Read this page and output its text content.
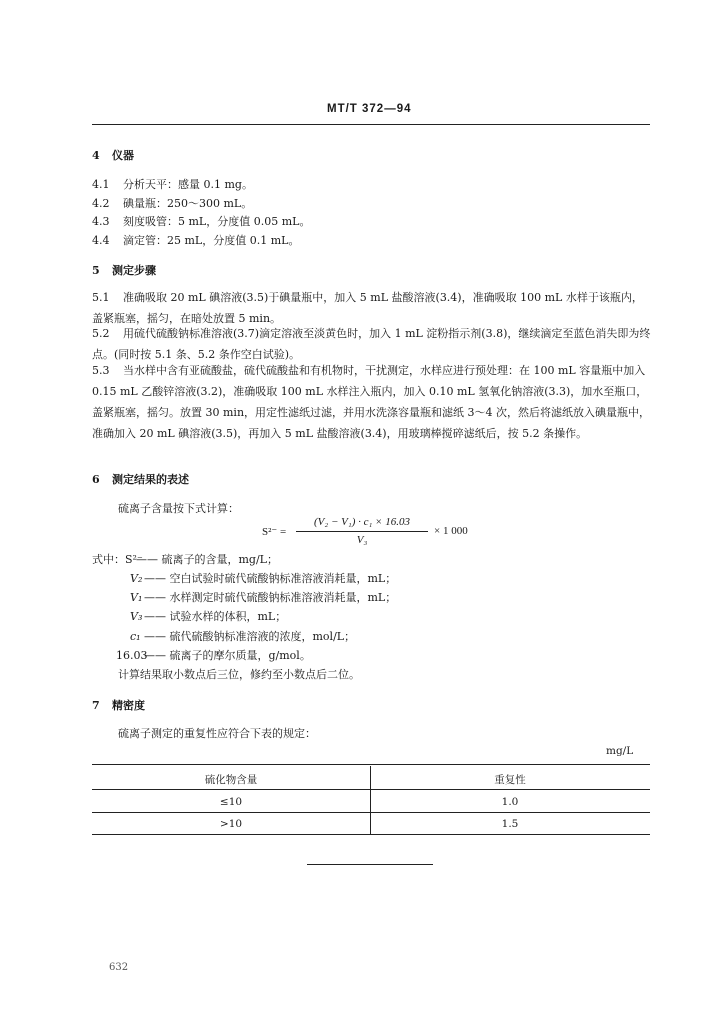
MT/T 372—94
4 仪器
4.1 分析天平：感量 0.1 mg。
4.2 碘量瓶：250～300 mL。
4.3 刻度吸管：5 mL，分度值 0.05 mL。
4.4 滴定管：25 mL，分度值 0.1 mL。
5 测定步骤
5.1 准确吸取 20 mL 碘溶液(3.5)于碘量瓶中，加入 5 mL 盐酸溶液(3.4)，准确吸取 100 mL 水样于该瓶内，盖紧瓶塞，摇匀，在暗处放置 5 min。
5.2 用硫代硫酸钠标准溶液(3.7)滴定溶液至淡黄色时，加入 1 mL 淀粉指示剂(3.8)，继续滴定至蓝色消失即为终点。(同时按 5.1 条、5.2 条作空白试验)。
5.3 当水样中含有亚硫酸盐，硫代硫酸盐和有机物时，干扰测定，水样应进行预处理：在 100 mL 容量瓶中加入 0.15 mL 乙酸锌溶液(3.2)，准确吸取 100 mL 水样注入瓶内，加入 0.10 mL 氢氧化钠溶液(3.3)，加水至瓶口，盖紧瓶塞，摇匀。放置 30 min，用定性滤纸过滤，并用水洗涤容量瓶和滤纸 3～4 次，然后将滤纸放入碘量瓶中，准确加入 20 mL 碘溶液(3.5)，再加入 5 mL 盐酸溶液(3.4)，用玻璃棒搅碎滤纸后，按 5.2 条操作。
6 测定结果的表述
硫离子含量按下式计算：
S²⁻ =
(V₂ − V₁) · c₁ × 16.03
V₃
× 1 000
式中：S²⁻—— 硫离子的含量，mg/L；
V₂ —— 空白试验时硫代硫酸钠标准溶液消耗量，mL；
V₁ —— 水样测定时硫代硫酸钠标准溶液消耗量，mL；
V₃ —— 试验水样的体积，mL；
c₁ —— 硫代硫酸钠标准溶液的浓度，mol/L；
16.03—— 硫离子的摩尔质量，g/mol。
计算结果取小数点后三位，修约至小数点后二位。
7 精密度
硫离子测定的重复性应符合下表的规定：
mg/L
硫化物含量	重复性
≤10	1.0
>10	1.5
632
